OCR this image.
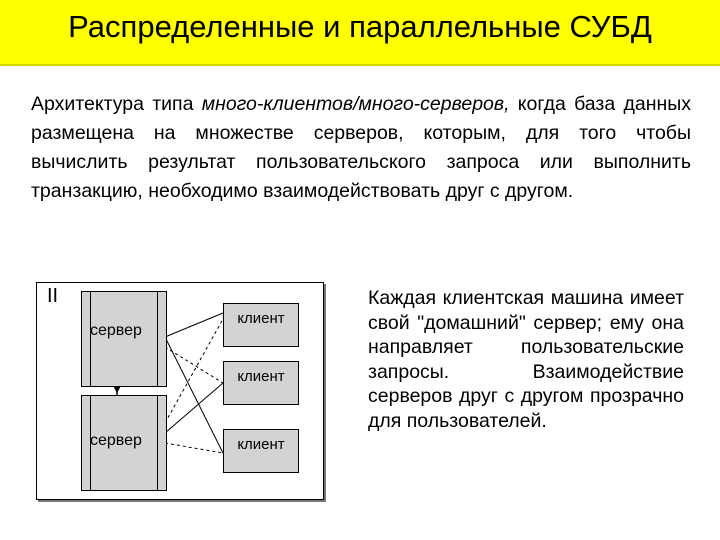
Распределенные и параллельные СУБД
Архитектура типа много-клиентов/много-серверов, когда база данных размещена на множестве серверов, которым, для того чтобы вычислить результат пользовательского запроса или выполнить транзакцию, необходимо взаимодействовать друг с другом.
II
сервер
сервер
клиент
клиент
клиент
Каждая клиентская машина имеет свой "домашний" сервер; ему она направляет пользовательские запросы. Взаимодействие серверов друг с другом прозрачно для пользователей.
